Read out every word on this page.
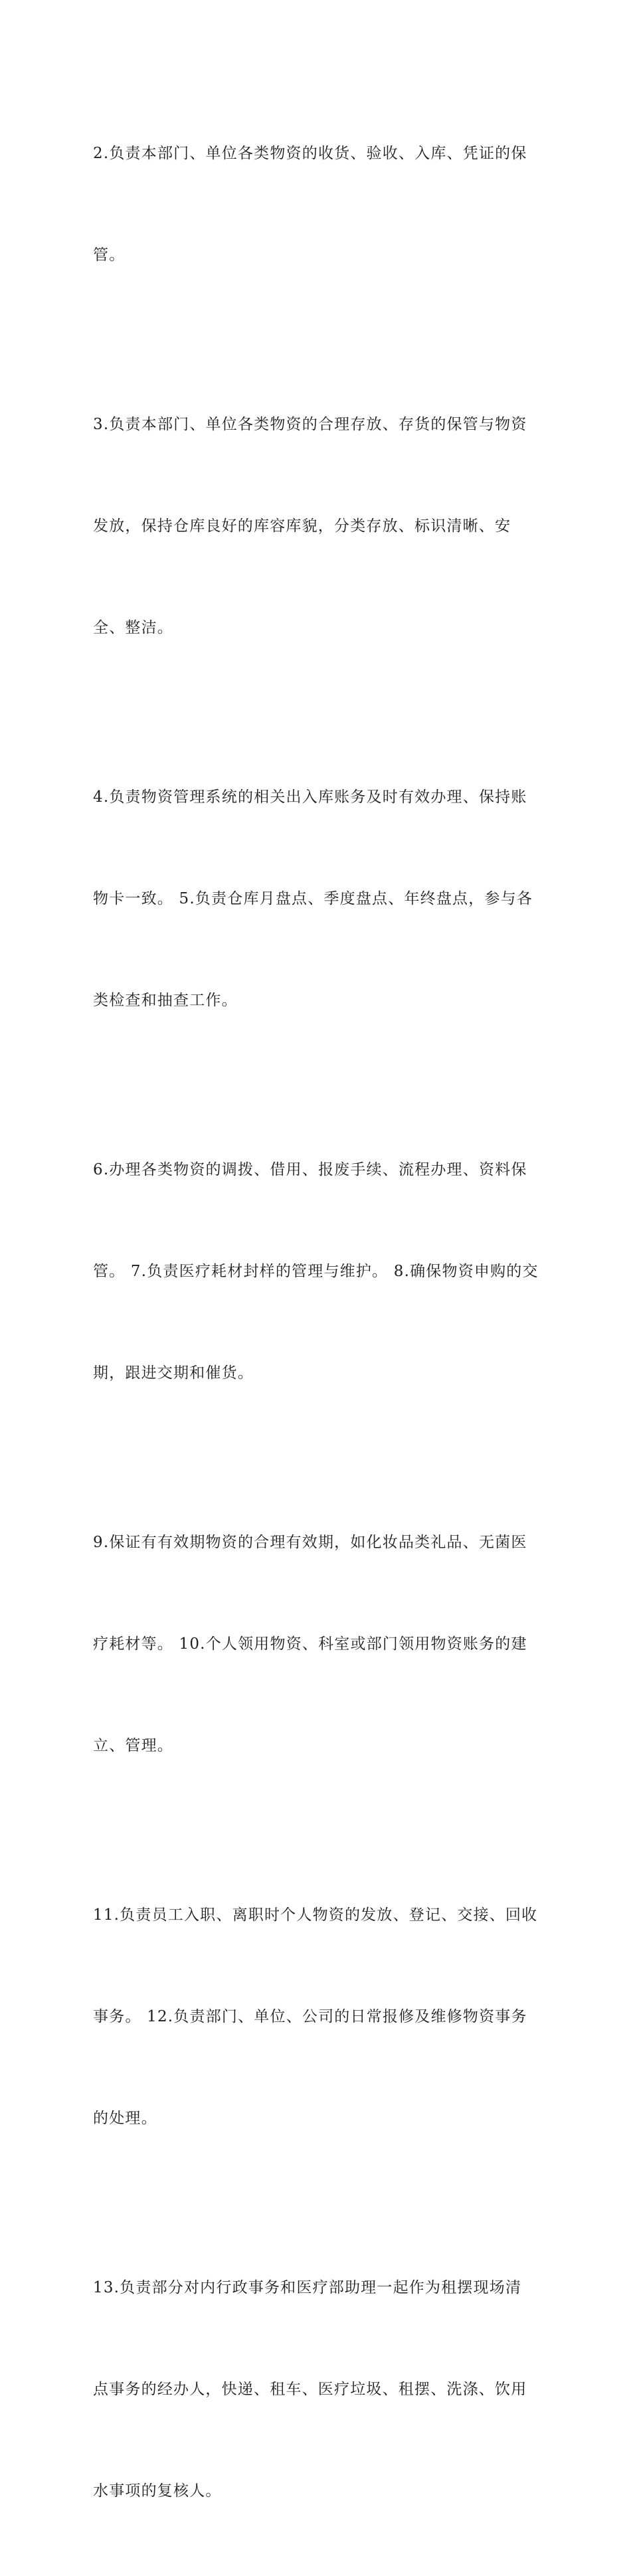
2.负责本部门、单位各类物资的收货、验收、入库、凭证的保

管。

3.负责本部门、单位各类物资的合理存放、存货的保管与物资

发放，保持仓库良好的库容库貌，分类存放、标识清晰、安

全、整洁。

4.负责物资管理系统的相关出入库账务及时有效办理、保持账

物卡一致。 5.负责仓库月盘点、季度盘点、年终盘点，参与各

类检查和抽查工作。

6.办理各类物资的调拨、借用、报废手续、流程办理、资料保

管。 7.负责医疗耗材封样的管理与维护。 8.确保物资申购的交

期，跟进交期和催货。

9.保证有有效期物资的合理有效期，如化妆品类礼品、无菌医

疗耗材等。 10.个人领用物资、科室或部门领用物资账务的建

立、管理。

11.负责员工入职、离职时个人物资的发放、登记、交接、回收

事务。 12.负责部门、单位、公司的日常报修及维修物资事务

的处理。

13.负责部分对内行政事务和医疗部助理一起作为租摆现场清

点事务的经办人，快递、租车、医疗垃圾、租摆、洗涤、饮用

水事项的复核人。
